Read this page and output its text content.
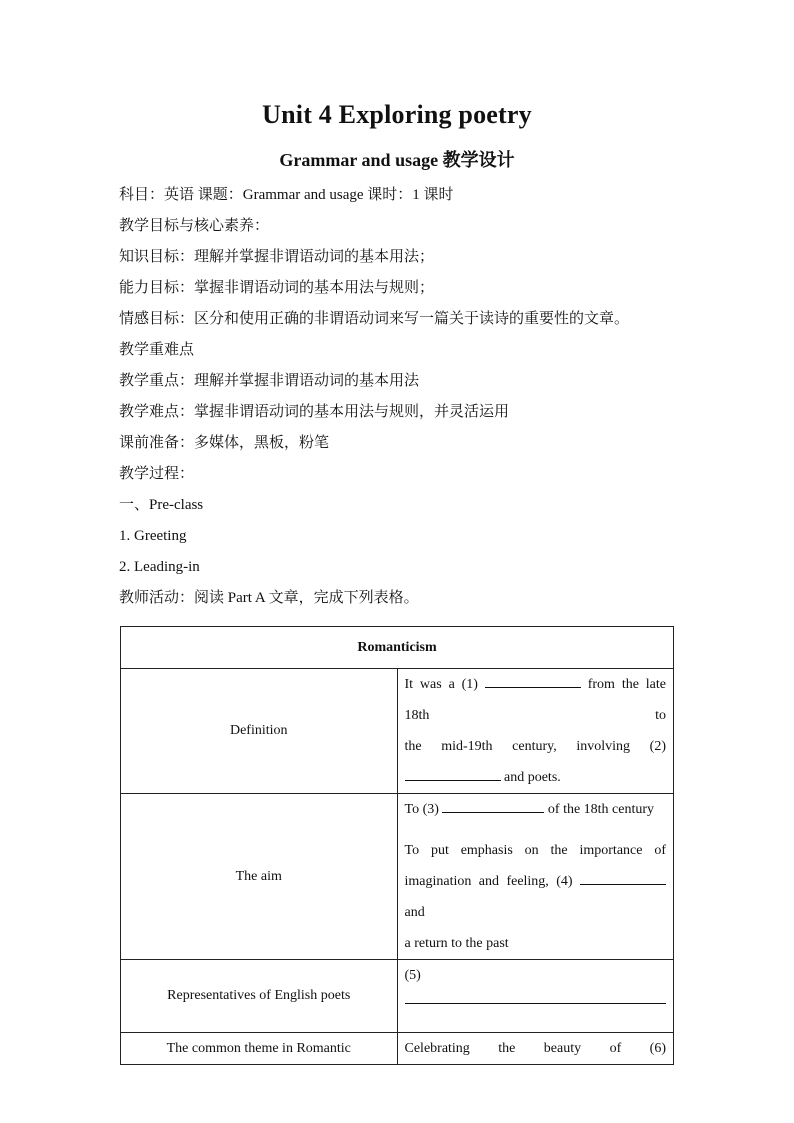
Unit 4 Exploring poetry
Grammar and usage 教学设计
科目：英语 课题：Grammar and usage 课时：1 课时
教学目标与核心素养：
知识目标：理解并掌握非谓语动词的基本用法；
能力目标：掌握非谓语动词的基本用法与规则；
情感目标：区分和使用正确的非谓语动词来写一篇关于读诗的重要性的文章。
教学重难点
教学重点：理解并掌握非谓语动词的基本用法
教学难点：掌握非谓语动词的基本用法与规则，并灵活运用
课前准备：多媒体，黑板，粉笔
教学过程：
一、Pre-class
1. Greeting
2. Leading-in
教师活动：阅读 Part A 文章，完成下列表格。
Romanticism	
Definition	It was a (1) from the late 18th to
the mid-19th century, involving (2)
and poets.

The aim	To (3) of the 18th century
To put emphasis on the importance of
imagination and feeling, (4)  and
a return to the past

Representatives of English poets	(5)

The common theme in Romantic	Celebrating the beauty of (6)
